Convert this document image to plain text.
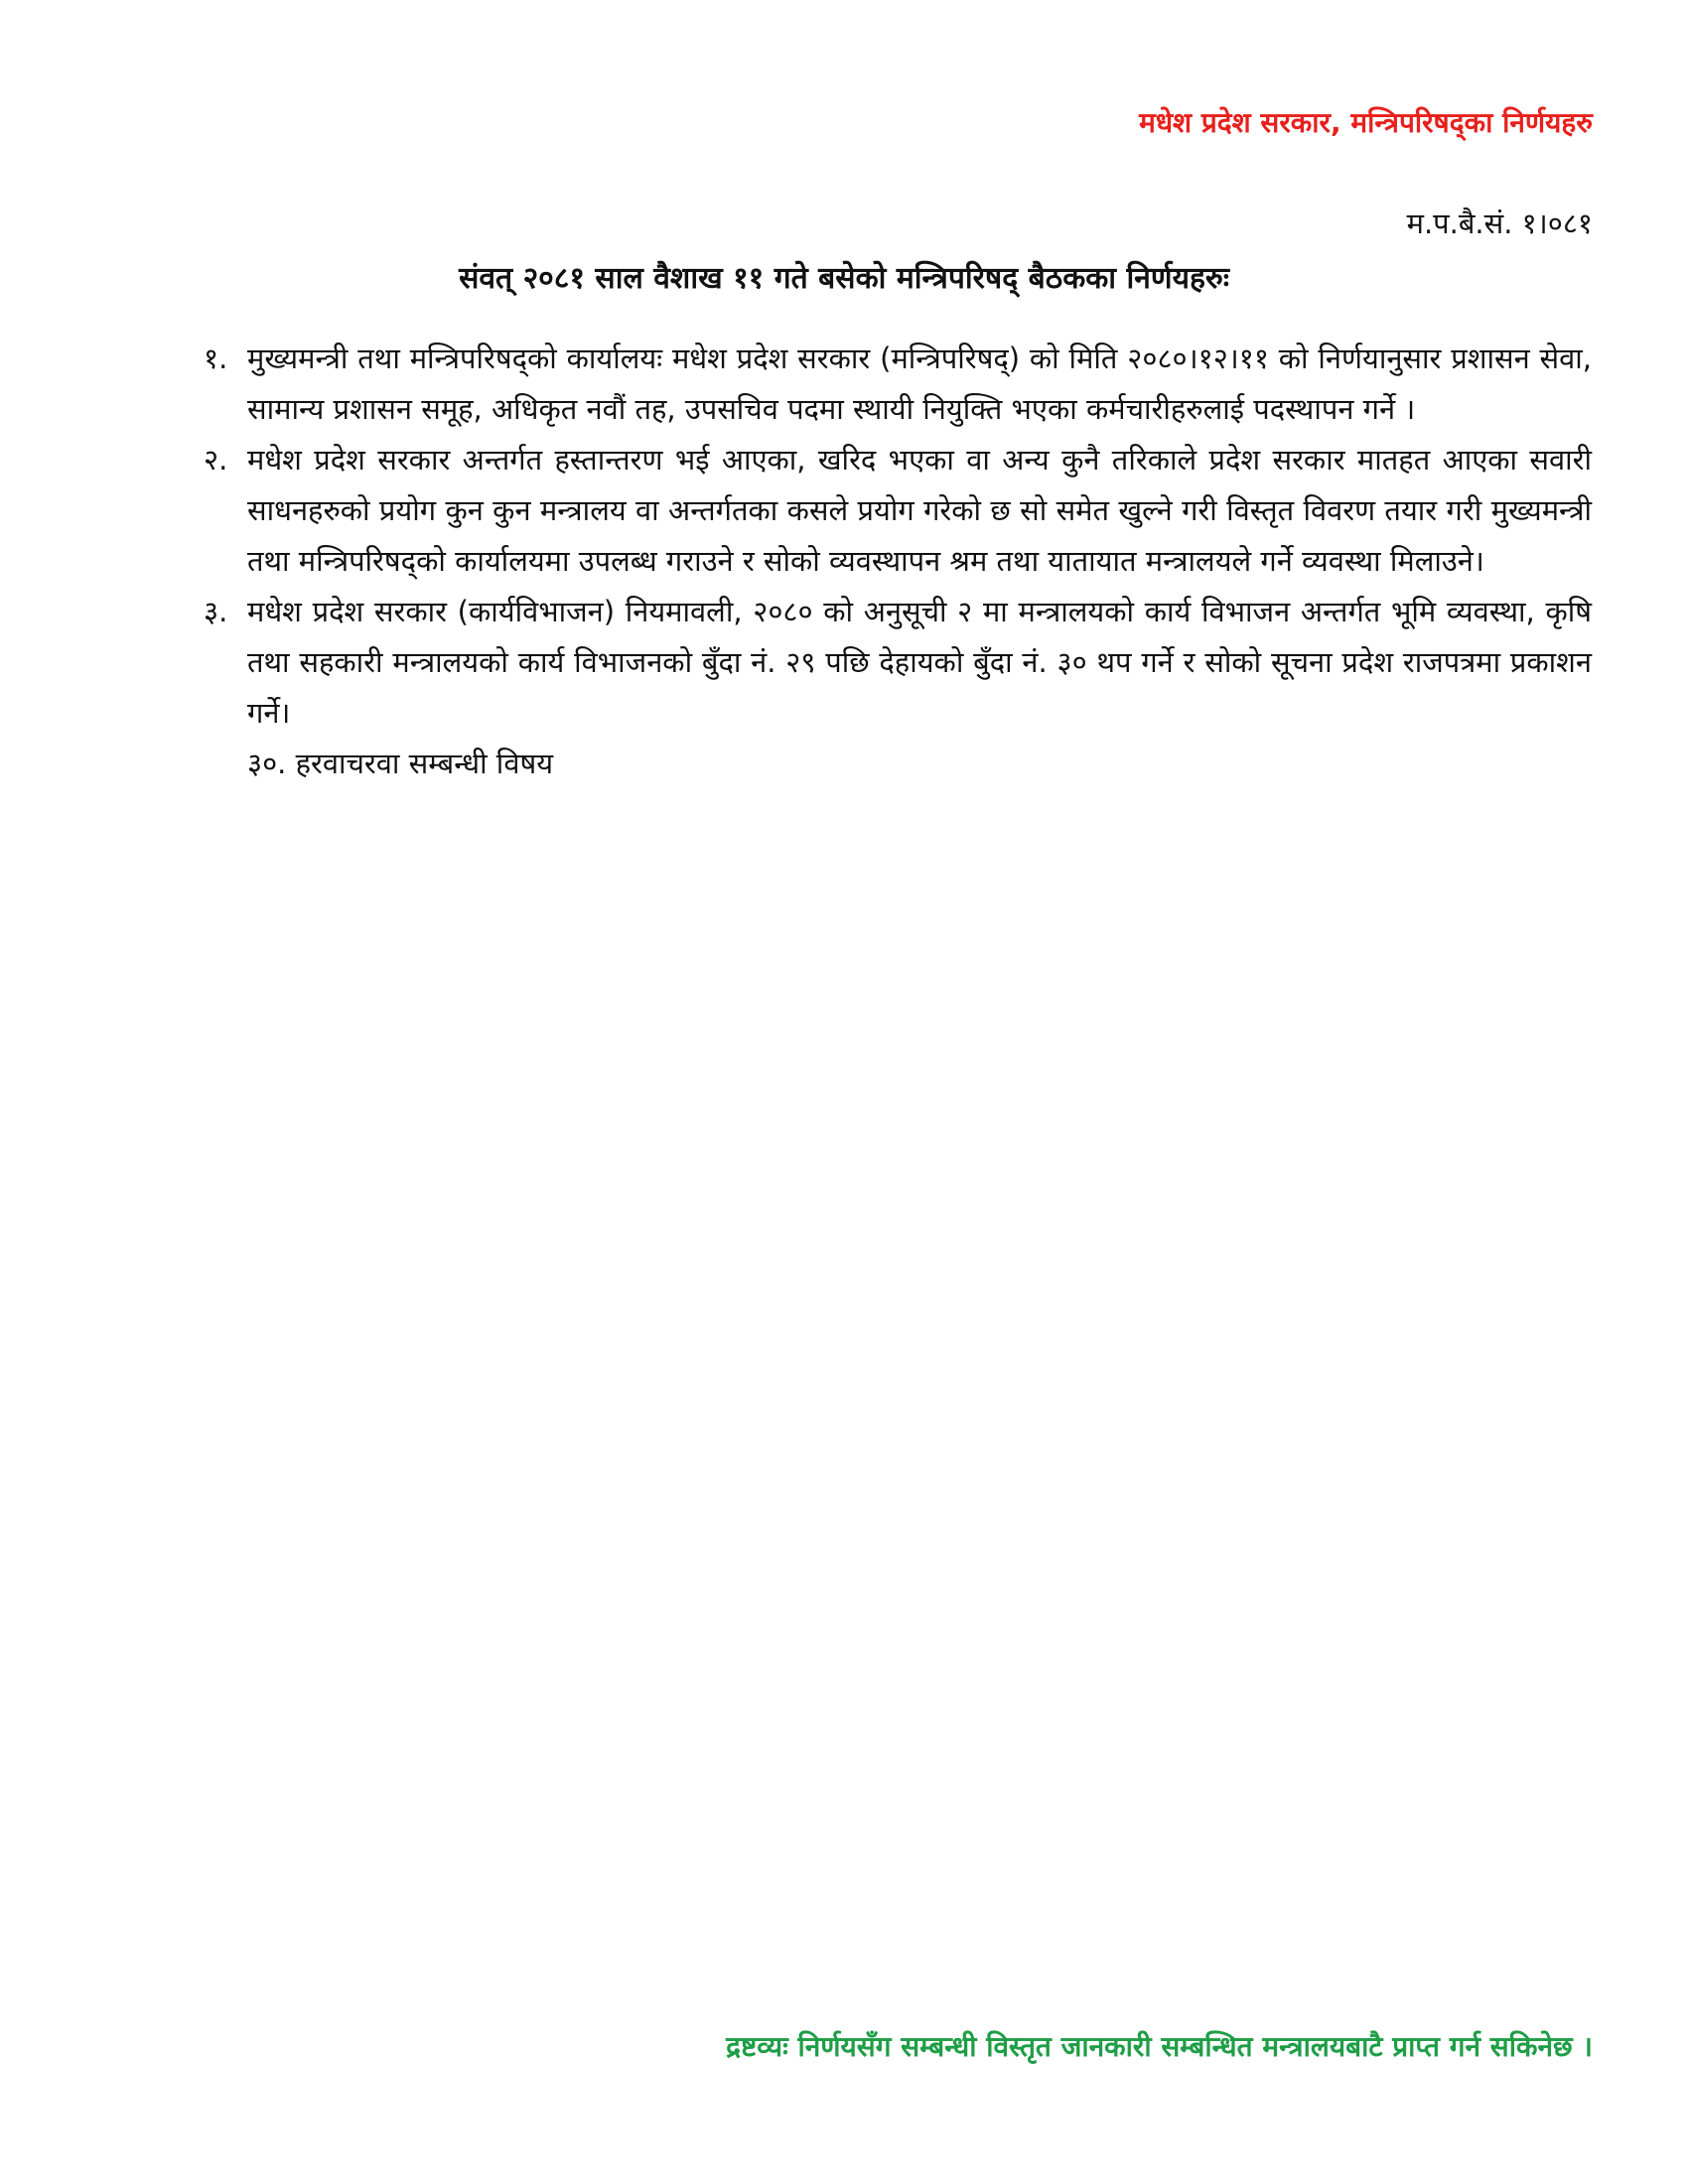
मधेश प्रदेश सरकार, मन्त्रिपरिषद्का निर्णयहरु
म.प.बै.सं. १।०८१
संवत् २०८१ साल वैशाख ११ गते बसेको मन्त्रिपरिषद् बैठकका निर्णयहरुः
१. मुख्यमन्त्री तथा मन्त्रिपरिषद्को कार्यालयः मधेश प्रदेश सरकार (मन्त्रिपरिषद्) को मिति २०८०।१२।११ को निर्णयानुसार प्रशासन सेवा, सामान्य प्रशासन समूह, अधिकृत नवौं तह, उपसचिव पदमा स्थायी नियुक्ति भएका कर्मचारीहरुलाई पदस्थापन गर्ने ।
२. मधेश प्रदेश सरकार अन्तर्गत हस्तान्तरण भई आएका, खरिद भएका वा अन्य कुनै तरिकाले प्रदेश सरकार मातहत आएका सवारी साधनहरुको प्रयोग कुन कुन मन्त्रालय वा अन्तर्गतका कसले प्रयोग गरेको छ सो समेत खुल्ने गरी विस्तृत विवरण तयार गरी मुख्यमन्त्री तथा मन्त्रिपरिषद्को कार्यालयमा उपलब्ध गराउने र सोको व्यवस्थापन श्रम तथा यातायात मन्त्रालयले गर्ने व्यवस्था मिलाउने।
३. मधेश प्रदेश सरकार (कार्यविभाजन) नियमावली, २०८० को अनुसूची २ मा मन्त्रालयको कार्य विभाजन अन्तर्गत भूमि व्यवस्था, कृषि तथा सहकारी मन्त्रालयको कार्य विभाजनको बुँदा नं. २९ पछि देहायको बुँदा नं. ३० थप गर्ने र सोको सूचना प्रदेश राजपत्रमा प्रकाशन गर्ने।
३०. हरवाचरवा सम्बन्धी विषय
द्रष्टव्यः निर्णयसँग सम्बन्धी विस्तृत जानकारी सम्बन्धित मन्त्रालयबाटै प्राप्त गर्न सकिनेछ ।
